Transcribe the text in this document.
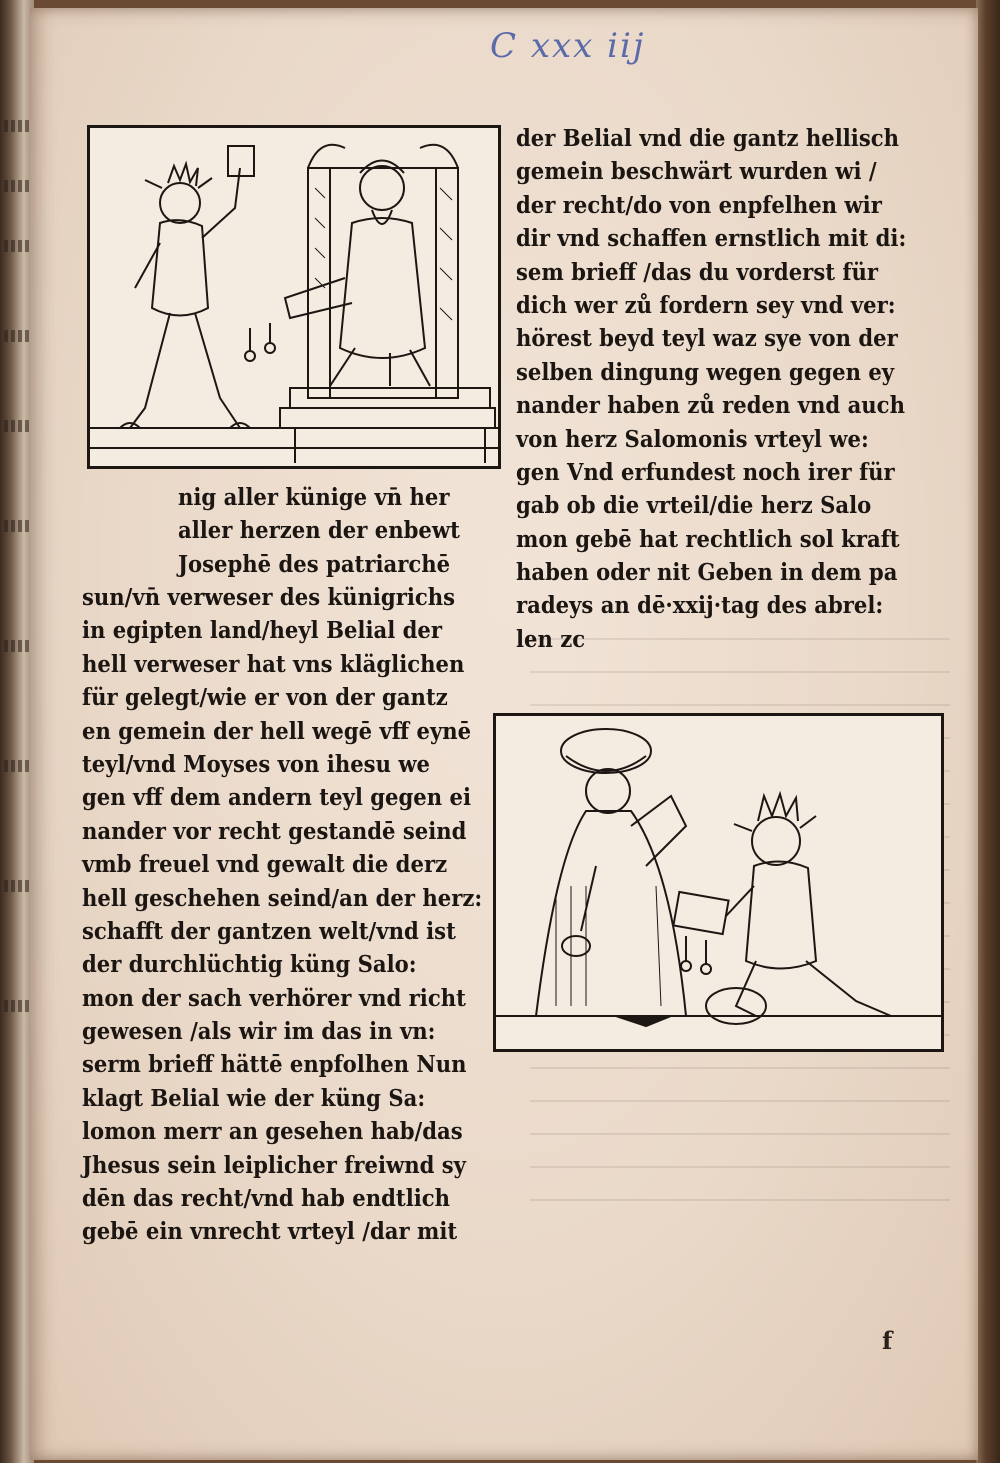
C xxx iij
der Belial vnd die gantz hellisch
gemein beschwärt wurden wi /
der recht/do von enpfelhen wir
dir vnd schaffen ernstlich mit di:
sem brieff /das du vorderst für
dich wer zů fordern sey vnd ver:
hörest beyd teyl waz sye von der
selben dingung wegen gegen ey
nander haben zů reden vnd auch
von herz Salomonis vrteyl we:
gen Vnd erfundest noch irer für
gab ob die vrteil/die herz Salo
mon gebē hat rechtlich sol kraft
haben oder nit Geben in dem pa
radeys an dē·xxij·tag des abrel:
len zc
nig aller künige vn̄ her
aller herzen der enbewt
Josephē des patriarchē
sun/vn̄ verweser des künigrichs
in egipten land/heyl Belial der
hell verweser hat vns kläglichen
für gelegt/wie er von der gantz
en gemein der hell wegē vff eynē
teyl/vnd Moyses von ihesu we
gen vff dem andern teyl gegen ei
nander vor recht gestandē seind
vmb freuel vnd gewalt die derz
hell geschehen seind/an der herz:
schafft der gantzen welt/vnd ist
der durchlüchtig küng Salo:
mon der sach verhörer vnd richt
gewesen /als wir im das in vn:
serm brieff hättē enpfolhen Nun
klagt Belial wie der küng Sa:
lomon merr an gesehen hab/das
Jhesus sein leiplicher freiwnd sy
dēn das recht/vnd hab endtlich
gebē ein vnrecht vrteyl /dar mit
f
